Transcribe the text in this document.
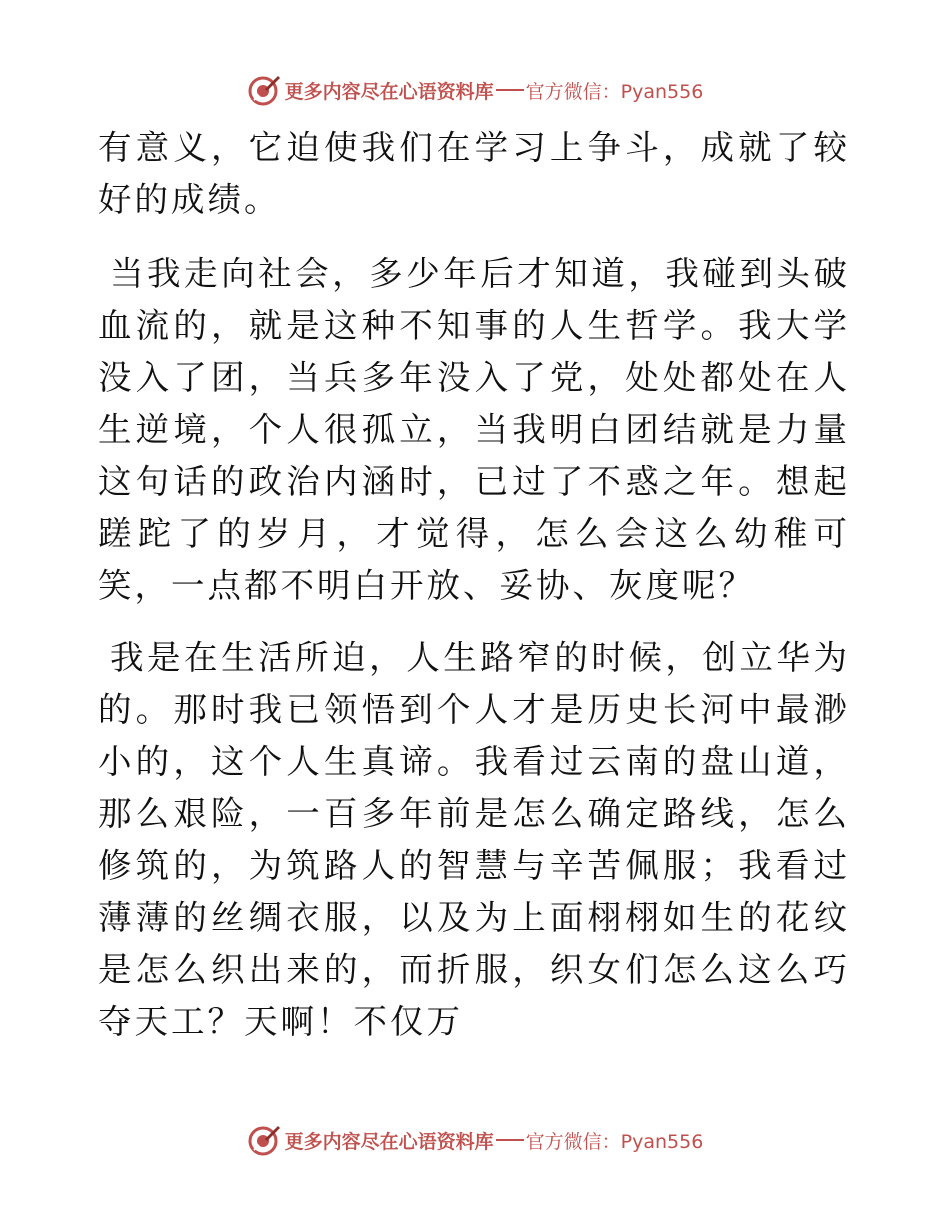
更多内容尽在心语资料库 官方微信：Pyan556

有意义，它迫使我们在学习上争斗，成就了较好的成绩。

当我走向社会，多少年后才知道，我碰到头破血流的，就是这种不知事的人生哲学。我大学没入了团，当兵多年没入了党，处处都处在人生逆境，个人很孤立，当我明白团结就是力量这句话的政治内涵时，已过了不惑之年。想起蹉跎了的岁月，才觉得，怎么会这么幼稚可笑，一点都不明白开放、妥协、灰度呢？

我是在生活所迫，人生路窄的时候，创立华为的。那时我已领悟到个人才是历史长河中最渺小的，这个人生真谛。我看过云南的盘山道，那么艰险，一百多年前是怎么确定路线，怎么修筑的，为筑路人的智慧与辛苦佩服；我看过薄薄的丝绸衣服，以及为上面栩栩如生的花纹是怎么织出来的，而折服，织女们怎么这么巧夺天工？天啊！不仅万

更多内容尽在心语资料库 官方微信：Pyan556
